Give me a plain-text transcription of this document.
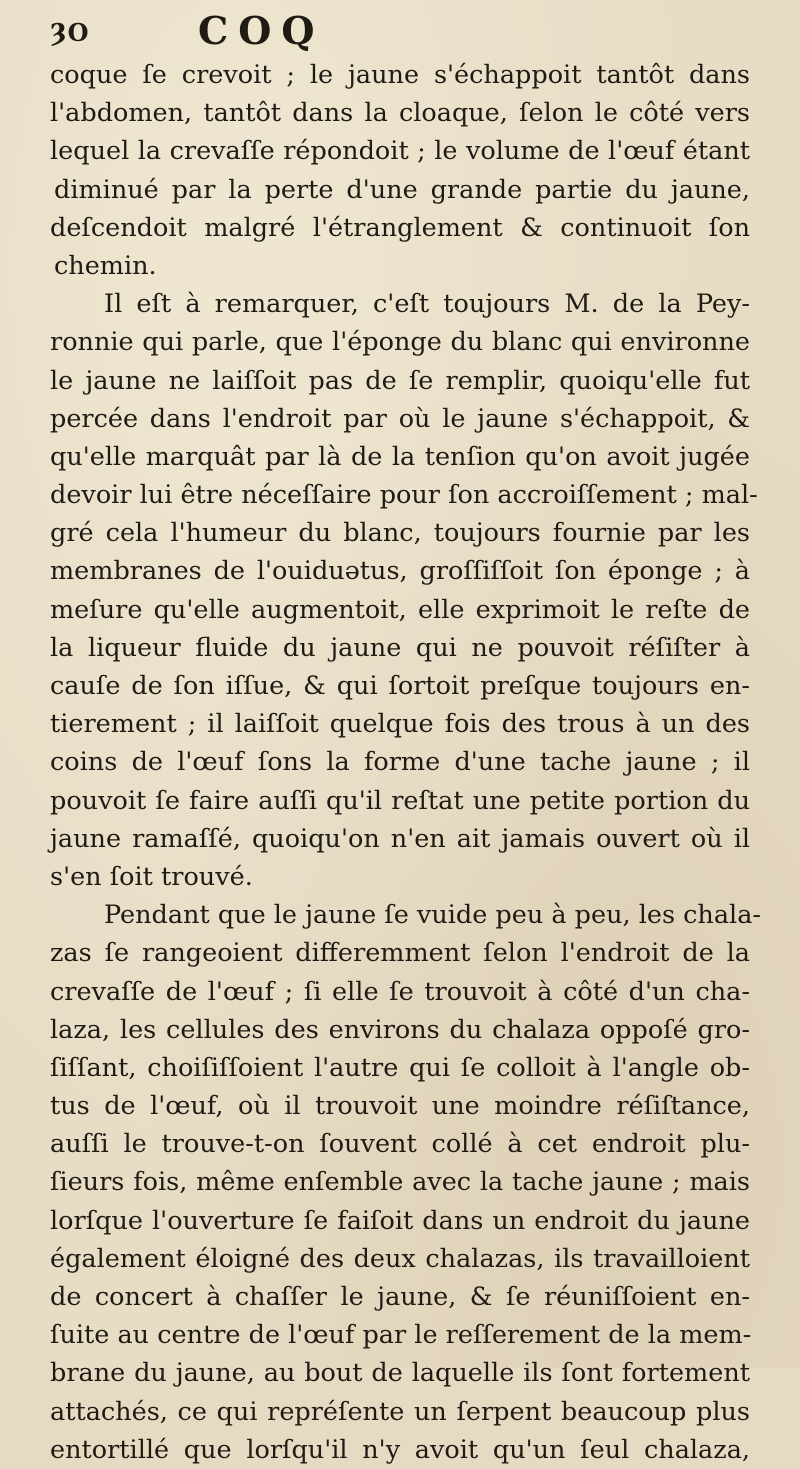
ȜO	COQ
coque ſe crevoit ; le jaune s'échappoit tantôt dans
l'abdomen, tantôt dans la cloaque, ſelon le côté vers
lequel la crevaſſe répondoit ; le volume de l'œuf étant
diminué par la perte d'une grande partie du jaune,
deſcendoit malgré l'étranglement & continuoit ſon
chemin.
Il eſt à remarquer, c'eſt toujours M. de la Pey-
ronnie qui parle, que l'éponge du blanc qui environne
le jaune ne laiſſoit pas de ſe remplir, quoiqu'elle fut
percée dans l'endroit par où le jaune s'échappoit, &
qu'elle marquât par là de la tenſion qu'on avoit jugée
devoir lui être néceſſaire pour ſon accroiſſement ; mal-
gré cela l'humeur du blanc, toujours fournie par les
membranes de l'ouiduǝtus, groſſiſſoit ſon éponge ; à
meſure qu'elle augmentoit, elle exprimoit le reſte de
la liqueur fluide du jaune qui ne pouvoit réſiſter à
cauſe de ſon iſſue, & qui ſortoit preſque toujours en-
tierement ; il laiſſoit quelque fois des trous à un des
coins de l'œuf ſons la forme d'une tache jaune ; il
pouvoit ſe faire auſſi qu'il reſtat une petite portion du
jaune ramaſſé, quoiqu'on n'en ait jamais ouvert où il
s'en ſoit trouvé.
Pendant que le jaune ſe vuide peu à peu, les chala-
zas ſe rangeoient differemment ſelon l'endroit de la
crevaſſe de l'œuf ; ſi elle ſe trouvoit à côté d'un cha-
laza, les cellules des environs du chalaza oppoſé gro-
ſiſſant, choiſiſſoient l'autre qui ſe colloit à l'angle ob-
tus de l'œuf, où il trouvoit une moindre réſiſtance,
auſſi le trouve-t-on ſouvent collé à cet endroit plu-
ſieurs fois, même enſemble avec la tache jaune ; mais
lorſque l'ouverture ſe faiſoit dans un endroit du jaune
également éloigné des deux chalazas, ils travailloient
de concert à chaſſer le jaune, & ſe réuniſſoient en-
ſuite au centre de l'œuf par le reſſerement de la mem-
brane du jaune, au bout de laquelle ils ſont fortement
attachés, ce qui repréſente un ſerpent beaucoup plus
entortillé que lorſqu'il n'y avoit qu'un ſeul chalaza,
